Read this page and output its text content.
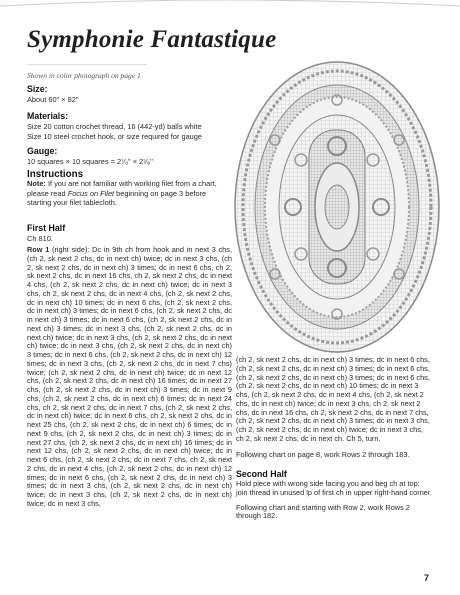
Symphonie Fantastique
Shown in color photograph on page 1
Size:
About 60" × 82"
Materials:
Size 20 cotton crochet thread, 16 (442-yd) balls white
Size 10 steel crochet hook, or size required for gauge
Gauge:
10 squares × 10 squares = 2⁷⁄₈" × 2⁷⁄₈"
Instructions

Note: If you are not familiar with working filet from a chart, please read Focus on Filet beginning on page 3 before starting your filet tablecloth.

First Half
Ch 810.
Row 1 (right side): Dc in 9th ch from hook and in next 3 chs, (ch 2, sk next 2 chs, dc in next ch) twice; dc in next 3 chs, (ch 2, sk next 2 chs, dc in next ch) 3 times; dc in next 6 chs, ch 2, sk next 2 chs, dc in next 16 chs, ch 2, sk next 2 chs, dc in next 4 chs, (ch 2, sk next 2 chs, dc in next ch) twice; dc in next 3 chs, ch 2, sk next 2 chs, dc in next 4 chs, (ch 2, sk next 2 chs, dc in next ch) 10 times; dc in next 6 chs, (ch 2, sk next 2 chs, dc in next ch) 3 times; dc in next 6 chs, (ch 2, sk next 2 chs, dc in next ch) 3 times; dc in next 6 chs, (ch 2, sk next 2 chs, dc in next ch) 3 times; dc in next 3 chs, (ch 2, sk next 2 chs, dc in next ch) twice; dc in next 3 chs, (ch 2, sk next 2 chs, dc in next ch) twice; dc in next 3 chs, (ch 2, sk next 2 chs, dc in next ch) 3 times; dc in next 6 chs, (ch 2, sk next 2 chs, dc in next ch) 12 times; dc in next 3 chs, (ch 2, sk next 2 chs, dc in next 7 chs) twice; (ch 2, sk next 2 chs, dc in next ch) twice; dc in next 12 chs, (ch 2, sk next 2 chs, dc in next ch) 16 times; dc in next 27 chs, (ch 2, sk next 2 chs, dc in next ch) 3 times; dc in next 9 chs, (ch 2, sk next 2 chs, dc in next ch) 6 times; dc in next 24 chs, ch 2, sk next 2 chs, dc in next 7 chs, (ch 2, sk next 2 chs, dc in next ch) twice; dc in next 6 chs, ch 2, sk next 2 chs, dc in next 25 chs, (ch 2, sk next 2 chs, dc in next ch) 6 times; dc in next 9 chs, (ch 2, sk next 2 chs, dc in next ch) 3 times; dc in next 27 chs, (ch 2, sk next 2 chs, dc in next ch) 16 times; dc in next 12 chs, (ch 2, sk next 2 chs, dc in next ch) twice; dc in next 6 chs, (ch 2, sk next 2 chs, dc in next 7 chs, ch 2, sk next 2 chs, dc in next 4 chs, (ch 2, sk next 2 chs, dc in next ch) 12 times; dc in next 6 chs, (ch 2, sk next 2 chs, dc in next ch) 3 times; dc in next 3 chs, (ch 2, sk next 2 chs, dc in next ch) twice; dc in next 3 chs, (ch 2, sk next 2 chs, dc in next ch) twice; dc in next 3 chs,

(ch 2, sk next 2 chs, dc in next ch) 3 times; dc in next 6 chs, (ch 2, sk next 2 chs, dc in next ch) 3 times; dc in next 6 chs, (ch 2, sk next 2 chs, dc in next ch) 3 times; dc in next 6 chs, (ch 2, sk next 2 chs, dc in next ch) 10 times; dc in next 3 chs, (ch 2, sk next 2 chs, dc in next 4 chs, (ch 2, sk next 2 chs, dc in next ch) twice; dc in next 3 chs, ch 2, sk next 2 chs, dc in next 16 chs, ch 2, sk next 2 chs, dc in next 7 chs, (ch 2, sk next 2 chs, dc in next ch) 3 times; dc in next 3 chs, (ch 2, sk next 2 chs, dc in next ch) twice; dc in next 3 chs, ch 2, sk next 2 chs, dc in next ch. Ch 5, turn.

Following chart on page 8, work Rows 2 through 183.

Second Half

Hold piece with wrong side facing you and beg ch at top; join thread in unused lp of first ch in upper right-hand corner.

Following chart and starting with Row 2, work Rows 2 through 182.

7
